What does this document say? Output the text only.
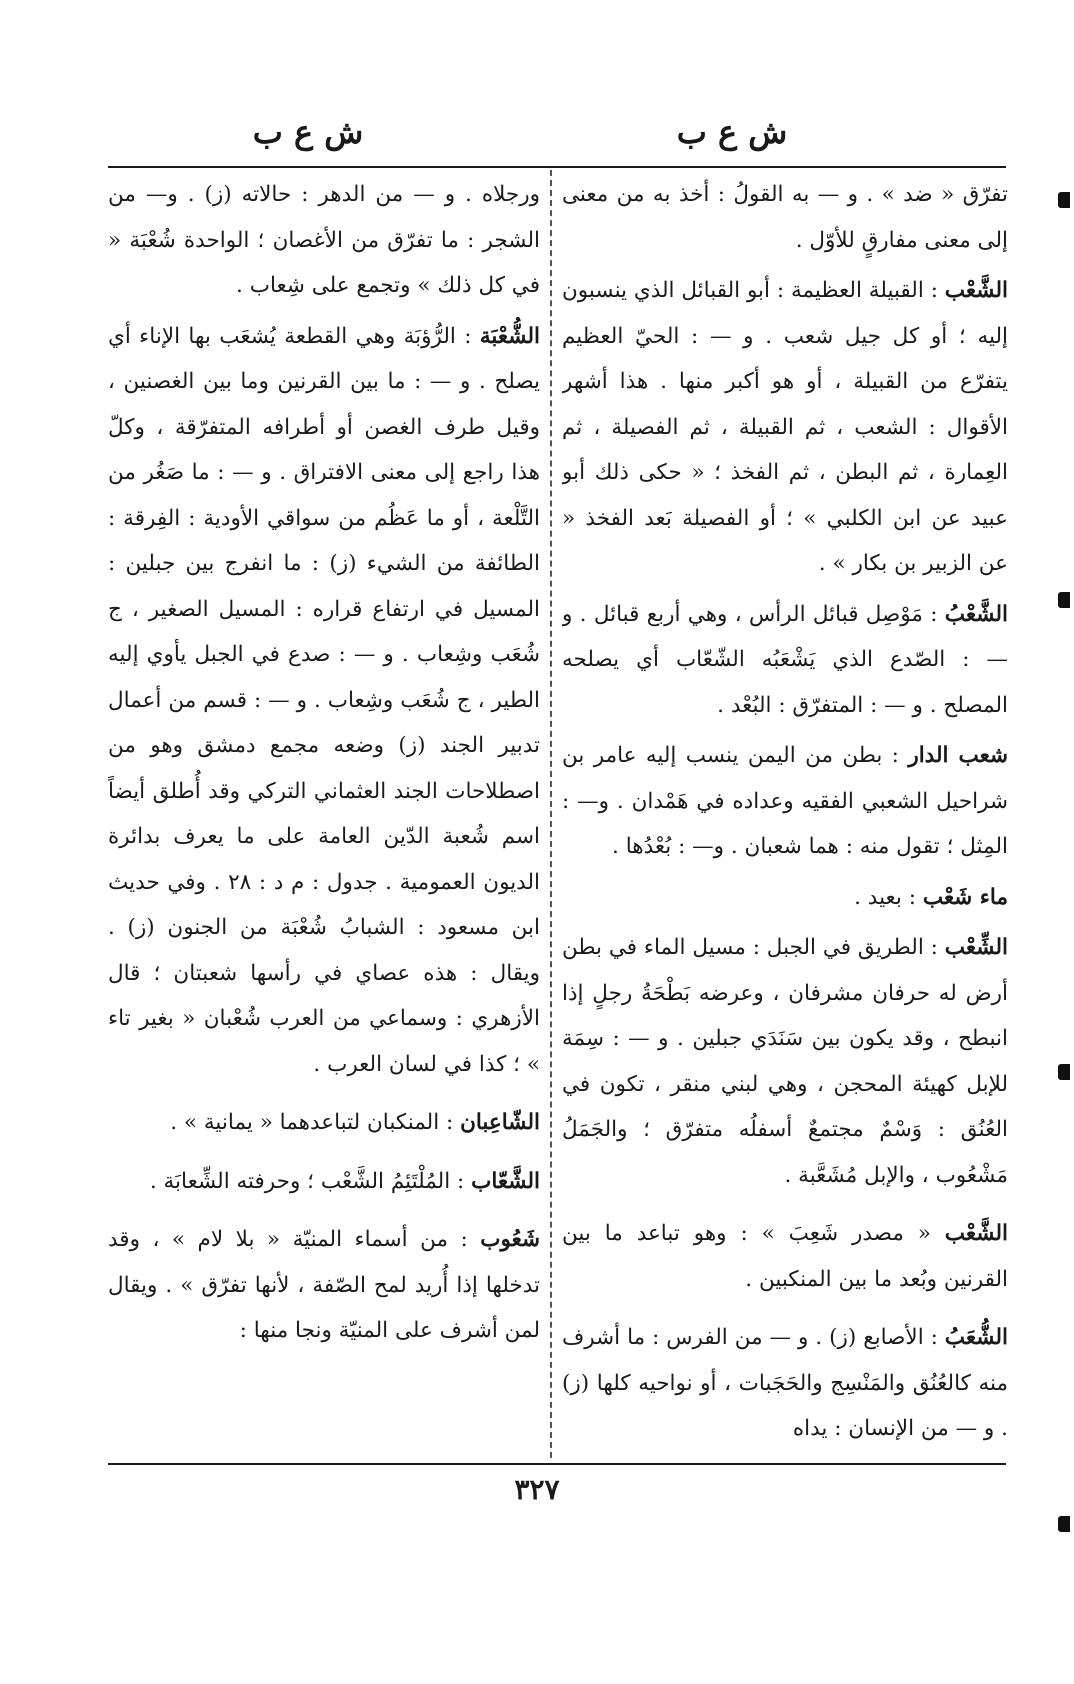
ش ع ب
ش ع ب

تفرّق « ضد » . و — به القولُ : أخذ به من معنى إلى معنى مفارقٍ للأوّل .

الشَّعْب : القبيلة العظيمة : أبو القبائل الذي ينسبون إليه ؛ أو كل جيل شعب . و — : الحيّ العظيم يتفرّع من القبيلة ، أو هو أكبر منها . هذا أشهر الأقوال : الشعب ، ثم القبيلة ، ثم الفصيلة ، ثم العِمارة ، ثم البطن ، ثم الفخذ ؛ « حكى ذلك أبو عبيد عن ابن الكلبي » ؛ أو الفصيلة بَعد الفخذ « عن الزبير بن بكار » .

الشَّعْبُ : مَوْصِل قبائل الرأس ، وهي أربع قبائل . و — : الصّدع الذي يَشْعَبُه الشّعّاب أي يصلحه المصلح . و — : المتفرّق : البُعْد .

شعب الدار : بطن من اليمن ينسب إليه عامر بن شراحيل الشعبي الفقيه وعداده في هَمْدان . و— : المِثل ؛ تقول منه : هما شعبان . و— : بُعْدُها .

ماء شَعْب : بعيد .

الشِّعْب : الطريق في الجبل : مسيل الماء في بطن أرض له حرفان مشرفان ، وعرضه بَطْحَةُ رجلٍ إذا انبطح ، وقد يكون بين سَنَدَي جبلين . و — : سِمَة للإبل كهيئة المحجن ، وهي لبني منقر ، تكون في العُنُق : وَسْمٌ مجتمعٌ أسفلُه متفرّق ؛ والجَمَلُ مَشْعُوب ، والإبل مُشَعَّبة .

الشَّعْب « مصدر شَعِبَ » : وهو تباعد ما بين القرنين وبُعد ما بين المنكبين .

الشُّعَبُ : الأصابع (ز) . و — من الفرس : ما أشرف منه كالعُنُق والمَنْسِج والحَجَبات ، أو نواحيه كلها (ز) . و — من الإنسان : يداه

ورجلاه . و — من الدهر : حالاته (ز) . و— من الشجر : ما تفرّق من الأغصان ؛ الواحدة شُعْبَة « في كل ذلك » وتجمع على شِعاب .

الشُّعْبَة : الرُّؤبَة وهي القطعة يُشعَب بها الإناء أي يصلح . و — : ما بين القرنين وما بين الغصنين ، وقيل طرف الغصن أو أطرافه المتفرّقة ، وكلّ هذا راجع إلى معنى الافتراق . و — : ما صَغُر من التَّلْعة ، أو ما عَظُم من سواقي الأودية : الفِرقة : الطائفة من الشيء (ز) : ما انفرج بين جبلين : المسيل في ارتفاع قراره : المسيل الصغير ، ج شُعَب وشِعاب . و — : صدع في الجبل يأوي إليه الطير ، ج شُعَب وشِعاب . و — : قسم من أعمال تدبير الجند (ز) وضعه مجمع دمشق وهو من اصطلاحات الجند العثماني التركي وقد أُطلق أيضاً اسم شُعبة الدّين العامة على ما يعرف بدائرة الديون العمومية . جدول : م د : ٢٨ . وفي حديث ابن مسعود : الشبابُ شُعْبَة من الجنون (ز) . ويقال : هذه عصاي في رأسها شعبتان ؛ قال الأزهري : وسماعي من العرب شُعْبان « بغير تاء » ؛ كذا في لسان العرب .

الشّاعِبان : المنكبان لتباعدهما « يمانية » .

الشَّعّاب : المُلْتَئِمُ الشَّعْب ؛ وحرفته الشِّعابَة .

شَعُوب : من أسماء المنيّة « بلا لام » ، وقد تدخلها إذا أُريد لمح الصّفة ، لأنها تفرّق » . ويقال لمن أشرف على المنيّة ونجا منها :

٣٢٧
